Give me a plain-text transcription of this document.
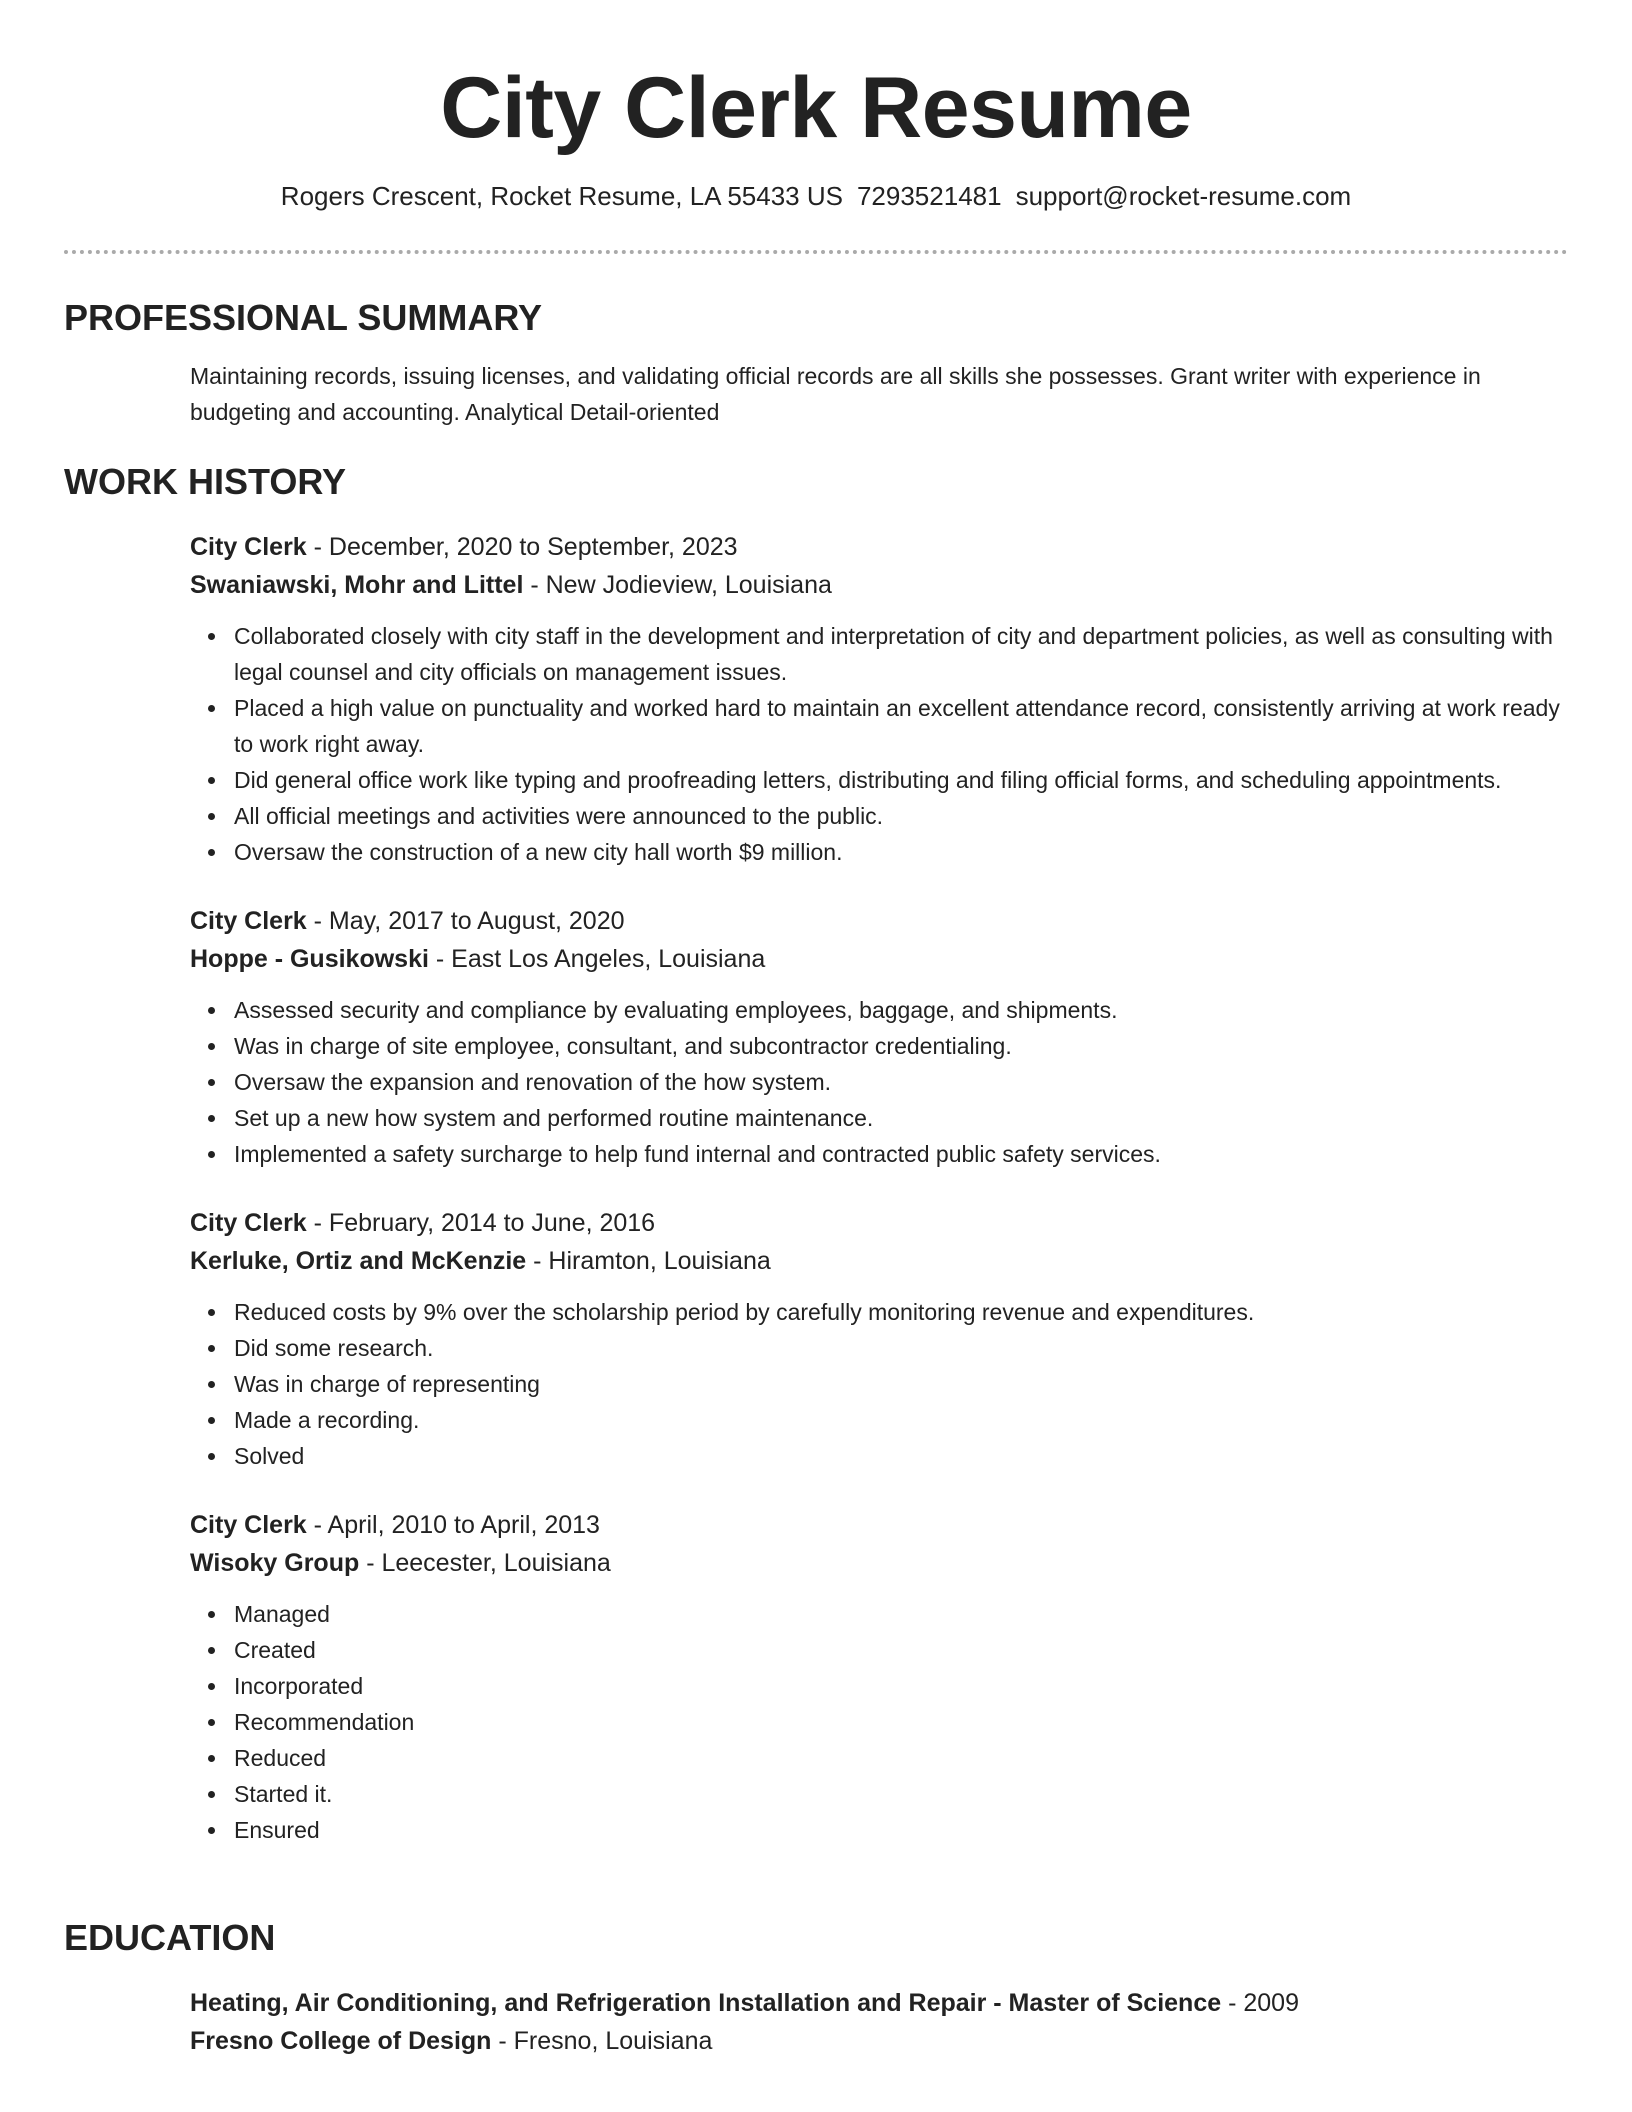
City Clerk Resume
Rogers Crescent, Rocket Resume, LA 55433 US 7293521481 support@rocket-resume.com
PROFESSIONAL SUMMARY
Maintaining records, issuing licenses, and validating official records are all skills she possesses. Grant writer with experience in budgeting and accounting. Analytical Detail-oriented
WORK HISTORY
City Clerk - December, 2020 to September, 2023
Swaniawski, Mohr and Littel - New Jodieview, Louisiana
Collaborated closely with city staff in the development and interpretation of city and department policies, as well as consulting with legal counsel and city officials on management issues.
Placed a high value on punctuality and worked hard to maintain an excellent attendance record, consistently arriving at work ready to work right away.
Did general office work like typing and proofreading letters, distributing and filing official forms, and scheduling appointments.
All official meetings and activities were announced to the public.
Oversaw the construction of a new city hall worth $9 million.
City Clerk - May, 2017 to August, 2020
Hoppe - Gusikowski - East Los Angeles, Louisiana
Assessed security and compliance by evaluating employees, baggage, and shipments.
Was in charge of site employee, consultant, and subcontractor credentialing.
Oversaw the expansion and renovation of the how system.
Set up a new how system and performed routine maintenance.
Implemented a safety surcharge to help fund internal and contracted public safety services.
City Clerk - February, 2014 to June, 2016
Kerluke, Ortiz and McKenzie - Hiramton, Louisiana
Reduced costs by 9% over the scholarship period by carefully monitoring revenue and expenditures.
Did some research.
Was in charge of representing
Made a recording.
Solved
City Clerk - April, 2010 to April, 2013
Wisoky Group - Leecester, Louisiana
Managed
Created
Incorporated
Recommendation
Reduced
Started it.
Ensured
EDUCATION
Heating, Air Conditioning, and Refrigeration Installation and Repair - Master of Science - 2009
Fresno College of Design - Fresno, Louisiana
